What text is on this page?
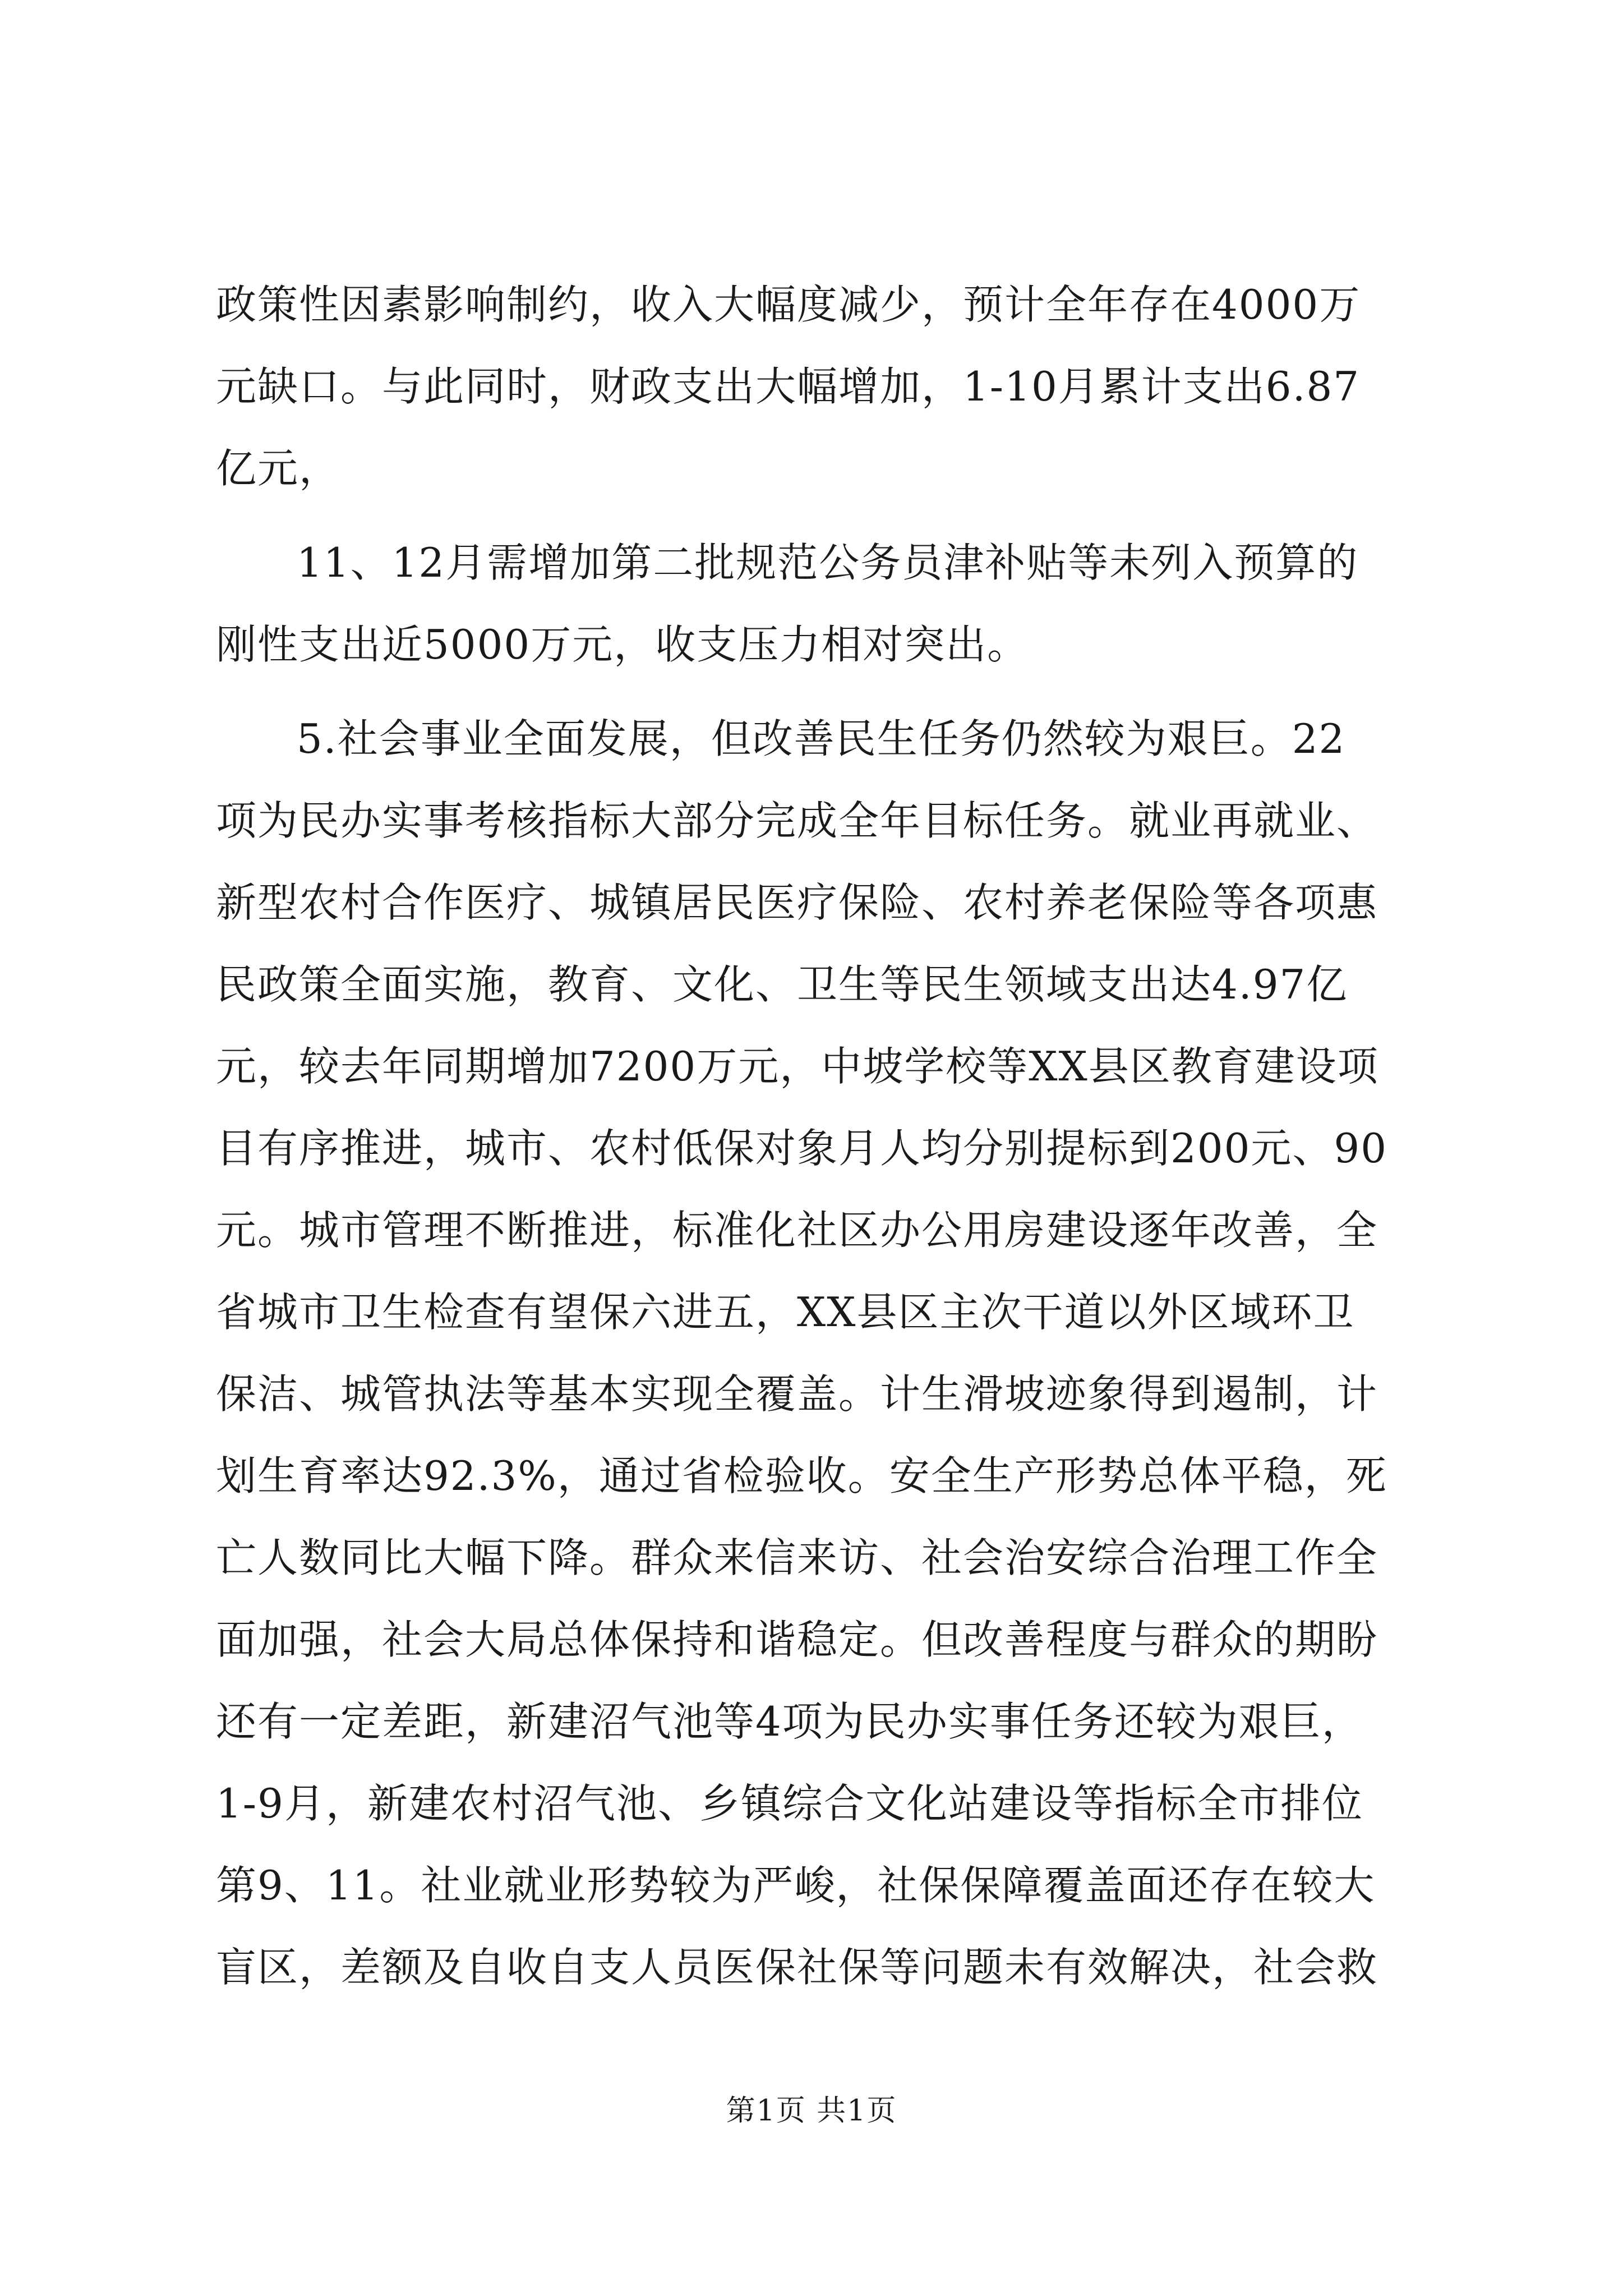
政策性因素影响制约，收入大幅度减少，预计全年存在4000万
元缺口。与此同时，财政支出大幅增加，1-10月累计支出6.87
亿元，
11、12月需增加第二批规范公务员津补贴等未列入预算的
刚性支出近5000万元，收支压力相对突出。
5.社会事业全面发展，但改善民生任务仍然较为艰巨。22
项为民办实事考核指标大部分完成全年目标任务。就业再就业、
新型农村合作医疗、城镇居民医疗保险、农村养老保险等各项惠
民政策全面实施，教育、文化、卫生等民生领域支出达4.97亿
元，较去年同期增加7200万元，中坡学校等XX县区教育建设项
目有序推进，城市、农村低保对象月人均分别提标到200元、90
元。城市管理不断推进，标准化社区办公用房建设逐年改善，全
省城市卫生检查有望保六进五，XX县区主次干道以外区域环卫
保洁、城管执法等基本实现全覆盖。计生滑坡迹象得到遏制，计
划生育率达92.3%，通过省检验收。安全生产形势总体平稳，死
亡人数同比大幅下降。群众来信来访、社会治安综合治理工作全
面加强，社会大局总体保持和谐稳定。但改善程度与群众的期盼
还有一定差距，新建沼气池等4项为民办实事任务还较为艰巨，
1-9月，新建农村沼气池、乡镇综合文化站建设等指标全市排位
第9、11。社业就业形势较为严峻，社保保障覆盖面还存在较大
盲区，差额及自收自支人员医保社保等问题未有效解决，社会救
第1页 共1页
